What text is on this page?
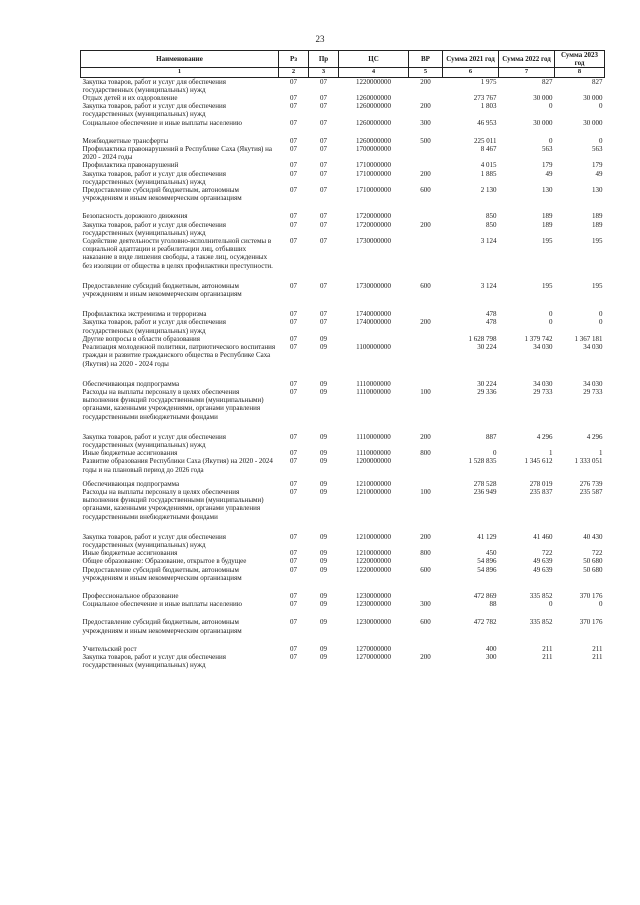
23
Наименование	Рз	Пр	ЦС	ВР	Сумма 2021 год	Сумма 2022 год	Сумма 2023 год
1	2	3	4	5	6	7	8
Закупка товаров, работ и услуг для обеспечения государственных (муниципальных) нужд	07	07	1220000000	200	1 975	827	827
Отдых детей и их оздоровление	07	07	1260000000		273 767	30 000	30 000
Закупка товаров, работ и услуг для обеспечения государственных (муниципальных) нужд	07	07	1260000000	200	1 803	0	0
Социальное обеспечение и иные выплаты населению	07	07	1260000000	300	46 953	30 000	30 000
Межбюджетные трансферты	07	07	1260000000	500	225 011	0	0
Профилактика правонарушений в Республике Саха (Якутия) на 2020 - 2024 годы	07	07	1700000000		8 467	563	563
Профилактика правонарушений	07	07	1710000000		4 015	179	179
Закупка товаров, работ и услуг для обеспечения государственных (муниципальных) нужд	07	07	1710000000	200	1 885	49	49
Предоставление субсидий бюджетным, автономным учреждениям и иным некоммерческим организациям	07	07	1710000000	600	2 130	130	130
Безопасность дорожного движения	07	07	1720000000		850	189	189
Закупка товаров, работ и услуг для обеспечения государственных (муниципальных) нужд	07	07	1720000000	200	850	189	189
Содействие деятельности уголовно-исполнительной системы в социальной адаптации и реабилитации лиц, отбывших наказание в виде лишения свободы, а также лиц, осужденных без изоляции от общества в целях профилактики преступности.	07	07	1730000000		3 124	195	195
Предоставление субсидий бюджетным, автономным учреждениям и иным некоммерческим организациям	07	07	1730000000	600	3 124	195	195
Профилактика экстремизма и терроризма	07	07	1740000000		478	0	0
Закупка товаров, работ и услуг для обеспечения государственных (муниципальных) нужд	07	07	1740000000	200	478	0	0
Другие вопросы в области образования	07	09			1 628 798	1 379 742	1 367 181
Реализация молодежной политики, патриотического воспитания граждан и развитие гражданского общества в Республике Саха (Якутия) на 2020 - 2024 годы	07	09	1100000000		30 224	34 030	34 030
Обеспечивающая подпрограмма	07	09	1110000000		30 224	34 030	34 030
Расходы на выплаты персоналу в целях обеспечения выполнения функций государственными (муниципальными) органами, казенными учреждениями, органами управления государственными внебюджетными фондами	07	09	1110000000	100	29 336	29 733	29 733
Закупка товаров, работ и услуг для обеспечения государственных (муниципальных) нужд	07	09	1110000000	200	887	4 296	4 296
Иные бюджетные ассигнования	07	09	1110000000	800	0	1	1
Развитие образования Республики Саха (Якутия) на 2020 - 2024 годы и на плановый период до 2026 года	07	09	1200000000		1 528 835	1 345 612	1 333 051
Обеспечивающая подпрограмма	07	09	1210000000		278 528	278 019	276 739
Расходы на выплаты персоналу в целях обеспечения выполнения функций государственными (муниципальными) органами, казенными учреждениями, органами управления государственными внебюджетными фондами	07	09	1210000000	100	236 949	235 837	235 587
Закупка товаров, работ и услуг для обеспечения государственных (муниципальных) нужд	07	09	1210000000	200	41 129	41 460	40 430
Иные бюджетные ассигнования	07	09	1210000000	800	450	722	722
Общее образование: Образование, открытое в будущее	07	09	1220000000		54 896	49 639	50 680
Предоставление субсидий бюджетным, автономным учреждениям и иным некоммерческим организациям	07	09	1220000000	600	54 896	49 639	50 680
Профессиональное образование	07	09	1230000000		472 869	335 852	370 176
Социальное обеспечение и иные выплаты населению	07	09	1230000000	300	88	0	0
Предоставление субсидий бюджетным, автономным учреждениям и иным некоммерческим организациям	07	09	1230000000	600	472 782	335 852	370 176
Учительский рост	07	09	1270000000		400	211	211
Закупка товаров, работ и услуг для обеспечения государственных (муниципальных) нужд	07	09	1270000000	200	300	211	211
